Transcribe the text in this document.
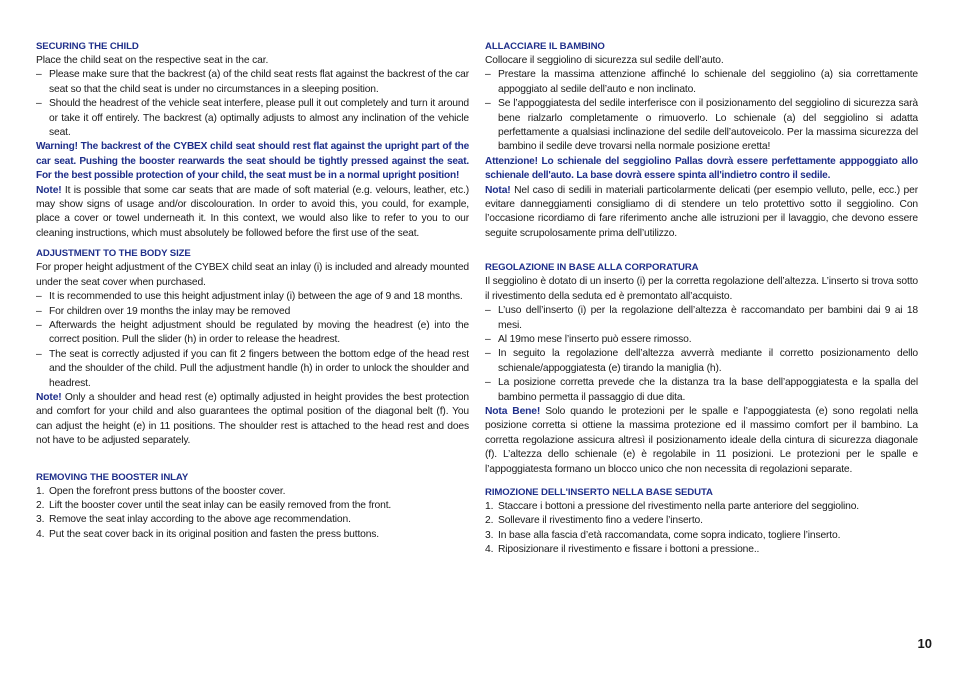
SECURING THE CHILD

Place the child seat on the respective seat in the car.

– Please make sure that the backrest (a) of the child seat rests flat against the backrest of the car seat so that the child seat is under no circumstances in a sleeping position.
– Should the headrest of the vehicle seat interfere, please pull it out completely and turn it around or take it off entirely. The backrest (a) optimally adjusts to almost any inclination of the vehicle seat.

Warning! The backrest of the CYBEX child seat should rest flat against the upright part of the car seat. Pushing the booster rearwards the seat should be tightly pressed against the seat. For the best possible protection of your child, the seat must be in a normal upright position!

Note! It is possible that some car seats that are made of soft material (e.g. velours, leather, etc.) may show signs of usage and/or discolouration. In order to avoid this, you could, for example, place a cover or towel underneath it. In this context, we would also like to refer to you to our cleaning instructions, which must absolutely be followed before the first use of the seat.

ADJUSTMENT TO THE BODY SIZE

For proper height adjustment of the CYBEX child seat an inlay (i) is included and already mounted under the seat cover when purchased.

– It is recommended to use this height adjustment inlay (i) between the age of 9 and 18 months.
– For children over 19 months the inlay may be removed
– Afterwards the height adjustment should be regulated by moving the headrest (e) into the correct position. Pull the slider (h) in order to release the headrest.
– The seat is correctly adjusted if you can fit 2 fingers between the bottom edge of the head rest and the shoulder of the child. Pull the adjustment handle (h) in order to unlock the shoulder and headrest.

Note! Only a shoulder and head rest (e) optimally adjusted in height provides the best protection and comfort for your child and also guarantees the optimal position of the diagonal belt (f). You can adjust the height (e) in 11 positions. The shoulder rest is attached to the head rest and does not have to be adjusted separately.

REMOVING THE BOOSTER INLAY
1. Open the forefront press buttons of the booster cover.
2. Lift the booster cover until the seat inlay can be easily removed from the front.
3. Remove the seat inlay according to the above age recommendation.
4. Put the seat cover back in its original position and fasten the press buttons.
ALLACCIARE IL BAMBINO

Collocare il seggiolino di sicurezza sul sedile dell’auto.

– Prestare la massima attenzione affinché lo schienale del seggiolino (a) sia correttamente appoggiato al sedile dell’auto e non inclinato.
– Se l’appoggiatesta del sedile interferisce con il posizionamento del seggiolino di sicurezza sarà bene rialzarlo completamente o rimuoverlo. Lo schienale (a) del seggiolino si adatta perfettamente a qualsiasi inclinazione del sedile dell’autoveicolo. Per la massima sicurezza del bambino il sedile deve trovarsi nella normale posizione eretta!

Attenzione! Lo schienale del seggiolino Pallas dovrà essere perfettamente apppoggiato allo schienale dell'auto. La base dovrà essere spinta all'indietro contro il sedile.

Nota! Nel caso di sedili in materiali particolarmente delicati (per esempio velluto, pelle, ecc.) per evitare danneggiamenti consigliamo di di stendere un telo protettivo sotto il seggiolino. Con l’occasione ricordiamo di fare riferimento anche alle istruzioni per il lavaggio, che devono essere seguite scrupolosamente prima dell’utilizzo.

REGOLAZIONE IN BASE ALLA CORPORATURA

Il seggiolino è dotato di un inserto (i) per la corretta regolazione dell’altezza. L’inserto si trova sotto il rivestimento della seduta ed è premontato all’acquisto.

– L’uso dell’inserto (i) per la regolazione dell’altezza è raccomandato per bambini dai 9 ai 18 mesi.
– Al 19mo mese l’inserto può essere rimosso.
– In seguito la regolazione dell’altezza avverrà mediante il corretto posizionamento dello schienale/appoggiatesta (e) tirando la maniglia (h).
– La posizione corretta prevede che la distanza tra la base dell’appoggiatesta e la spalla del bambino permetta il passaggio di due dita.

Nota Bene! Solo quando le protezioni per le spalle e l’appoggiatesta (e) sono regolati nella posizione corretta si ottiene la massima protezione ed il massimo comfort per il bambino. La corretta regolazione assicura altresì il posizionamento ideale della cintura di sicurezza diagonale (f). L’altezza dello schienale (e) è regolabile in 11 posizioni. Le protezioni per le spalle e l’appoggiatesta formano un blocco unico che non necessita di regolazioni separate.

RIMOZIONE DELL'INSERTO NELLA BASE SEDUTA
1. Staccare i bottoni a pressione del rivestimento nella parte anteriore del seggiolino.
2. Sollevare il rivestimento fino a vedere l’inserto.
3. In base alla fascia d’età raccomandata, come sopra indicato, togliere l’inserto.
4. Riposizionare il rivestimento e fissare i bottoni a pressione..
10
